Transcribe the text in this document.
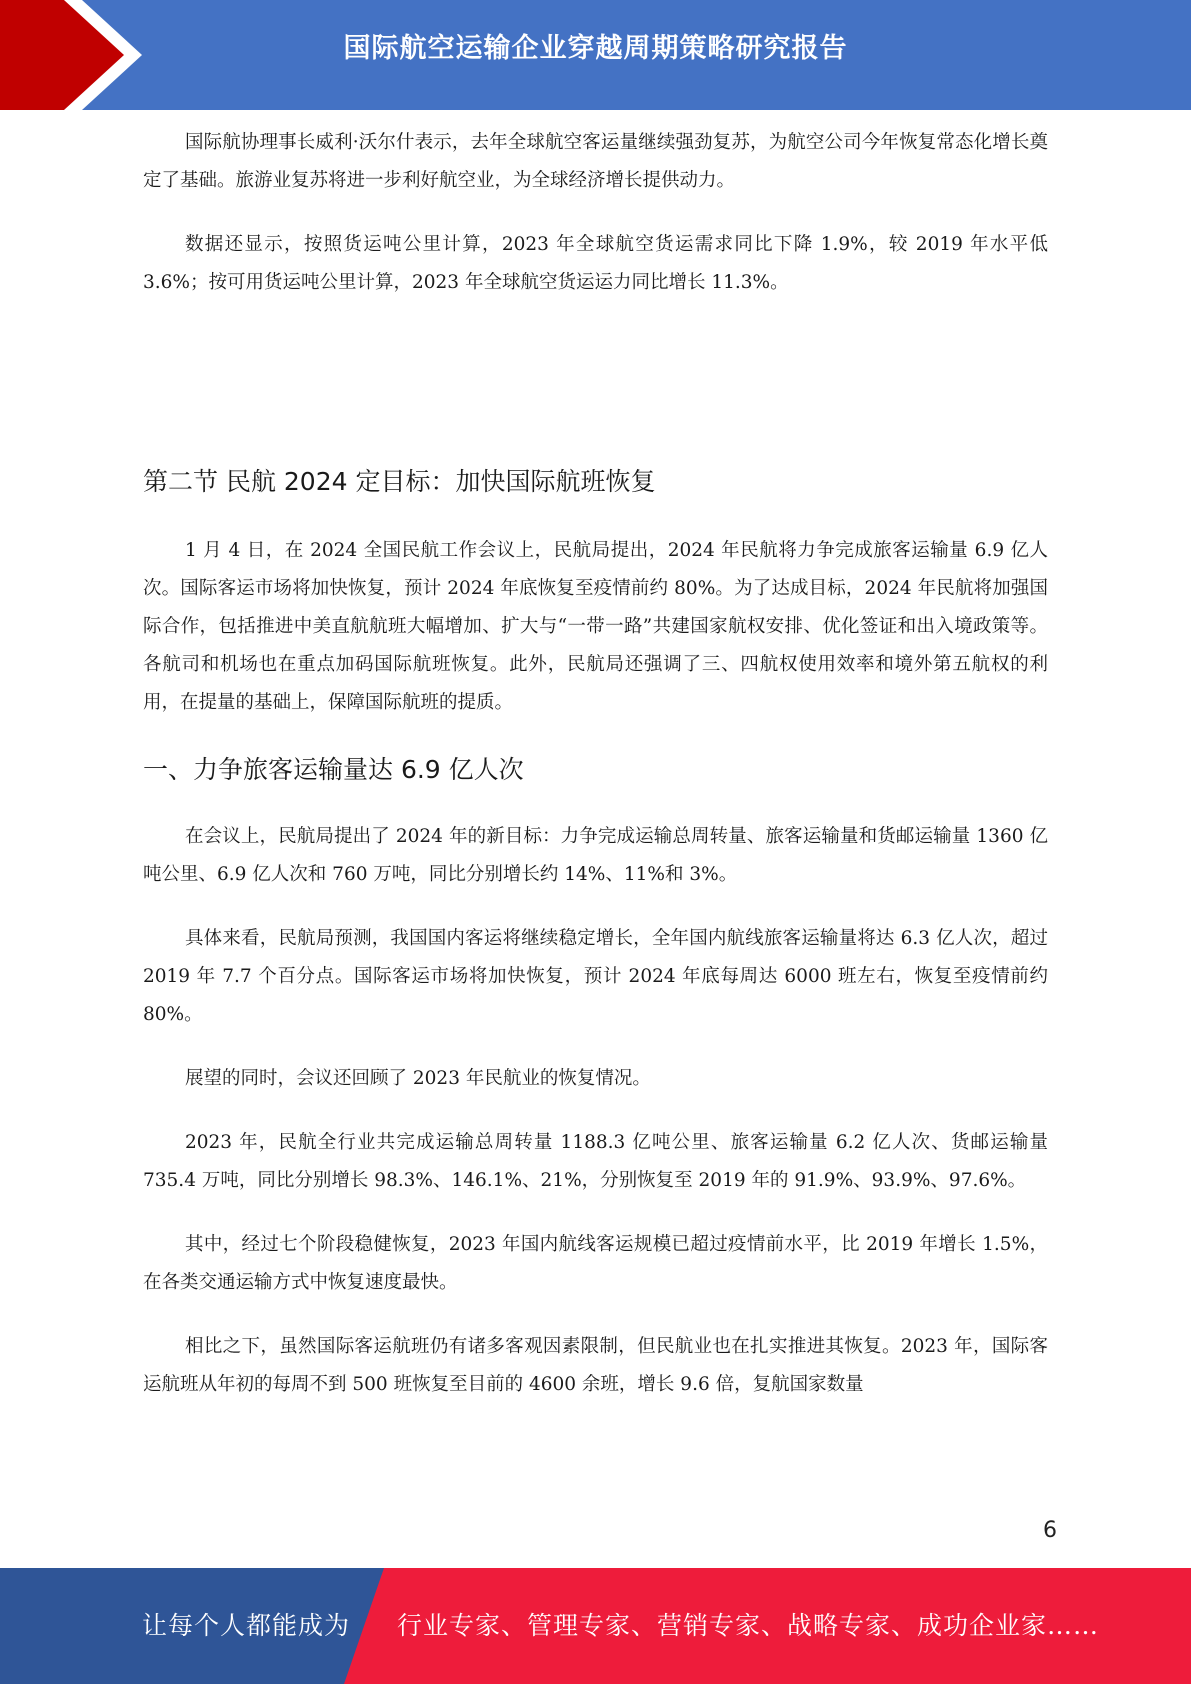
国际航空运输企业穿越周期策略研究报告

国际航协理事长威利·沃尔什表示，去年全球航空客运量继续强劲复苏，为航空公司今年恢复常态化增长奠定了基础。旅游业复苏将进一步利好航空业，为全球经济增长提供动力。

数据还显示，按照货运吨公里计算，2023 年全球航空货运需求同比下降 1.9%，较 2019 年水平低 3.6%；按可用货运吨公里计算，2023 年全球航空货运运力同比增长 11.3%。

第二节 民航 2024 定目标：加快国际航班恢复

1 月 4 日，在 2024 全国民航工作会议上，民航局提出，2024 年民航将力争完成旅客运输量 6.9 亿人次。国际客运市场将加快恢复，预计 2024 年底恢复至疫情前约 80%。为了达成目标，2024 年民航将加强国际合作，包括推进中美直航航班大幅增加、扩大与“一带一路”共建国家航权安排、优化签证和出入境政策等。各航司和机场也在重点加码国际航班恢复。此外，民航局还强调了三、四航权使用效率和境外第五航权的利用，在提量的基础上，保障国际航班的提质。

一、力争旅客运输量达 6.9 亿人次

在会议上，民航局提出了 2024 年的新目标：力争完成运输总周转量、旅客运输量和货邮运输量 1360 亿吨公里、6.9 亿人次和 760 万吨，同比分别增长约 14%、11%和 3%。

具体来看，民航局预测，我国国内客运将继续稳定增长，全年国内航线旅客运输量将达 6.3 亿人次，超过 2019 年 7.7 个百分点。国际客运市场将加快恢复，预计 2024 年底每周达 6000 班左右，恢复至疫情前约 80%。

展望的同时，会议还回顾了 2023 年民航业的恢复情况。

2023 年，民航全行业共完成运输总周转量 1188.3 亿吨公里、旅客运输量 6.2 亿人次、货邮运输量 735.4 万吨，同比分别增长 98.3%、146.1%、21%，分别恢复至 2019 年的 91.9%、93.9%、97.6%。

其中，经过七个阶段稳健恢复，2023 年国内航线客运规模已超过疫情前水平，比 2019 年增长 1.5%，在各类交通运输方式中恢复速度最快。

相比之下，虽然国际客运航班仍有诸多客观因素限制，但民航业也在扎实推进其恢复。2023 年，国际客运航班从年初的每周不到 500 班恢复至目前的 4600 余班，增长 9.6 倍，复航国家数量

6
让每个人都能成为 行业专家、管理专家、营销专家、战略专家、成功企业家……
